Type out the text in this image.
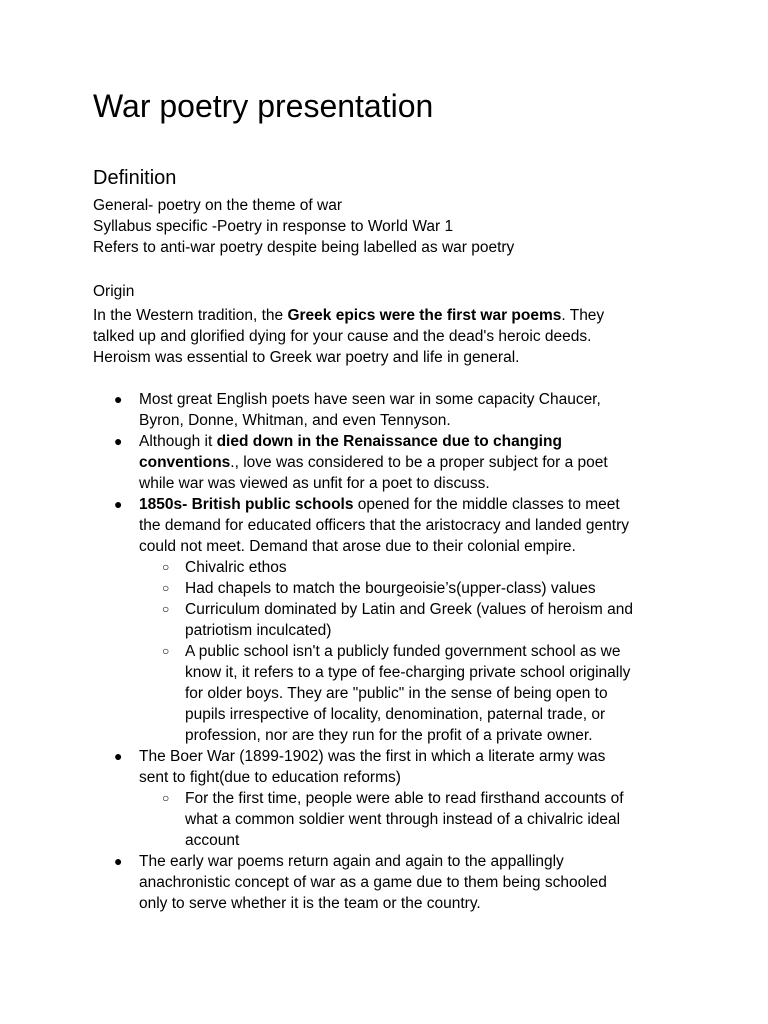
War poetry presentation
Definition
General- poetry on the theme of war
Syllabus specific -Poetry in response to World War 1
Refers to anti-war poetry despite being labelled as war poetry
Origin
In the Western tradition, the Greek epics were the first war poems. They
talked up and glorified dying for your cause and the dead's heroic deeds.
Heroism was essential to Greek war poetry and life in general.
● Most great English poets have seen war in some capacity Chaucer,
Byron, Donne, Whitman, and even Tennyson.
● Although it died down in the Renaissance due to changing
conventions., love was considered to be a proper subject for a poet
while war was viewed as unfit for a poet to discuss.
● 1850s- British public schools opened for the middle classes to meet
the demand for educated officers that the aristocracy and landed gentry
could not meet. Demand that arose due to their colonial empire.
○ Chivalric ethos
○ Had chapels to match the bourgeoisie’s(upper-class) values
○ Curriculum dominated by Latin and Greek (values of heroism and
patriotism inculcated)
○ A public school isn't a publicly funded government school as we
know it, it refers to a type of fee-charging private school originally
for older boys. They are "public" in the sense of being open to
pupils irrespective of locality, denomination, paternal trade, or
profession, nor are they run for the profit of a private owner.
● The Boer War (1899-1902) was the first in which a literate army was
sent to fight(due to education reforms)
○ For the first time, people were able to read firsthand accounts of
what a common soldier went through instead of a chivalric ideal
account
● The early war poems return again and again to the appallingly
anachronistic concept of war as a game due to them being schooled
only to serve whether it is the team or the country.
